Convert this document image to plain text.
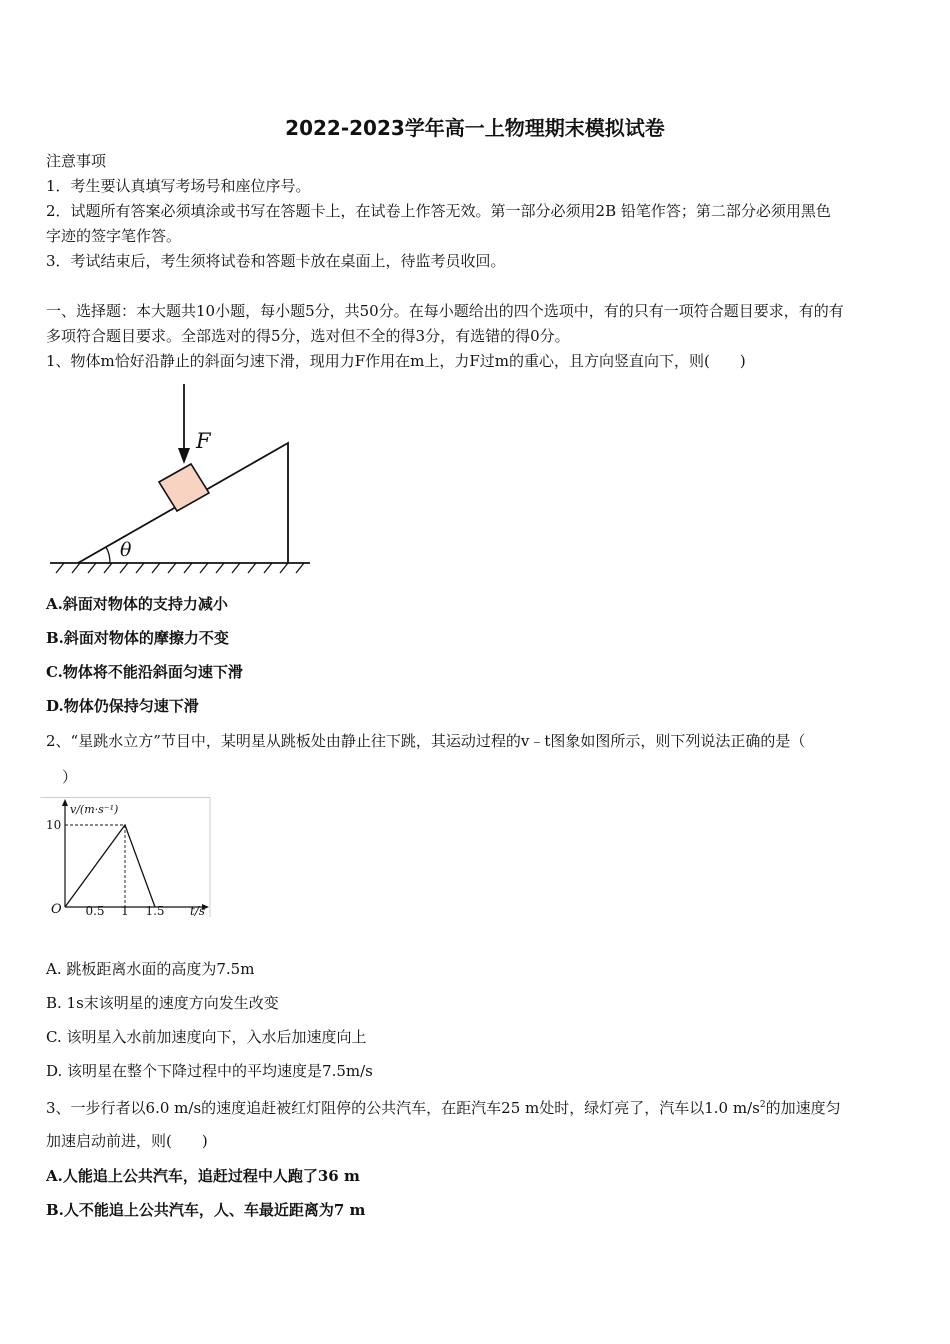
2022-2023学年高一上物理期末模拟试卷
注意事项
1．考生要认真填写考场号和座位序号。
2．试题所有答案必须填涂或书写在答题卡上，在试卷上作答无效。第一部分必须用2B 铅笔作答；第二部分必须用黑色
字迹的签字笔作答。
3．考试结束后，考生须将试卷和答题卡放在桌面上，待监考员收回。
一、选择题：本大题共10小题，每小题5分，共50分。在每小题给出的四个选项中，有的只有一项符合题目要求，有的有
多项符合题目要求。全部选对的得5分，选对但不全的得3分，有选错的得0分。
1、物体m恰好沿静止的斜面匀速下滑，现用力F作用在m上，力F过m的重心，且方向竖直向下，则(　　)
θ
F
A.斜面对物体的支持力减小
B.斜面对物体的摩擦力不变
C.物体将不能沿斜面匀速下滑
D.物体仍保持匀速下滑
2、“星跳水立方”节目中，某明星从跳板处由静止往下跳，其运动过程的v﹣t图象如图所示，则下列说法正确的是（
）
v/(m·s⁻¹)
10
O 0.5 1 1.5 t/s
A. 跳板距离水面的高度为7.5m
B. 1s末该明星的速度方向发生改变
C. 该明星入水前加速度向下，入水后加速度向上
D. 该明星在整个下降过程中的平均速度是7.5m/s
3、一步行者以6.0 m/s的速度追赶被红灯阻停的公共汽车，在距汽车25 m处时，绿灯亮了，汽车以1.0 $m/s^2$的加速度匀
加速启动前进，则(　　)
A.人能追上公共汽车，追赶过程中人跑了36 m
B.人不能追上公共汽车，人、车最近距离为7 m
